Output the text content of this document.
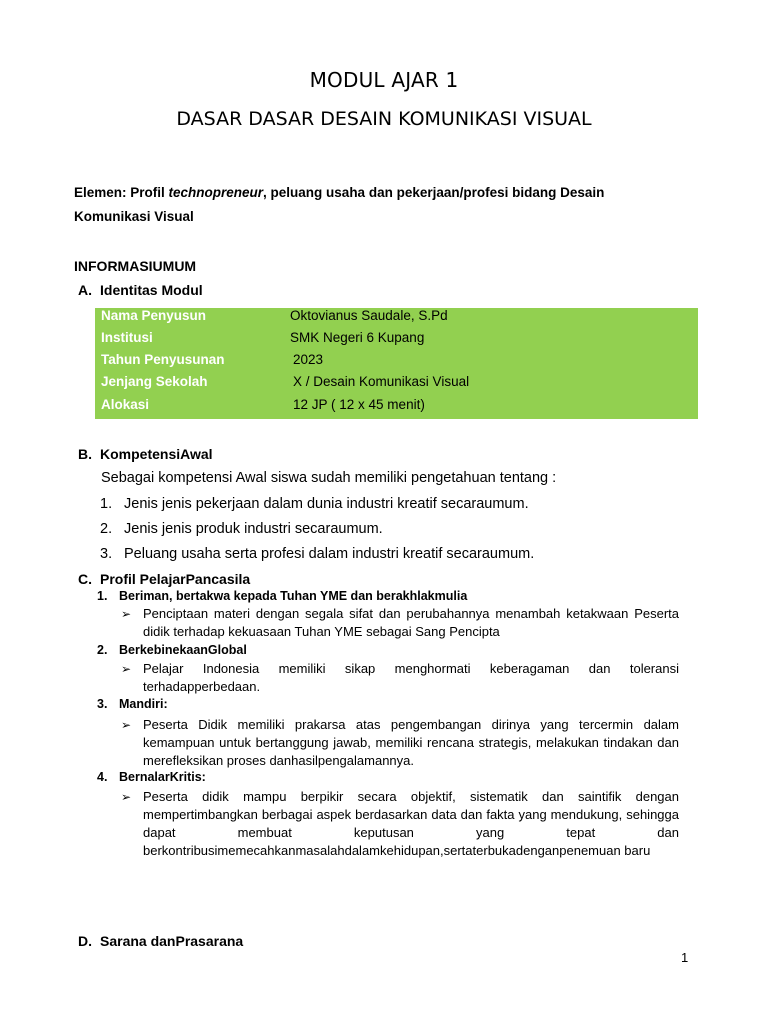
MODUL AJAR 1
DASAR DASAR DESAIN KOMUNIKASI VISUAL
Elemen: Profil technopreneur, peluang usaha dan pekerjaan/profesi bidang Desain
Komunikasi Visual
INFORMASIUMUM
A. Identitas Modul
Nama Penyusun	Oktovianus Saudale, S.Pd
Institusi	SMK Negeri 6 Kupang
Tahun Penyusunan	2023
Jenjang Sekolah	X / Desain Komunikasi Visual
Alokasi	12 JP ( 12 x 45 menit)
B. KompetensiAwal
Sebagai kompetensi Awal siswa sudah memiliki pengetahuan tentang :
1. Jenis jenis pekerjaan dalam dunia industri kreatif secaraumum.
2. Jenis jenis produk industri secaraumum.
3. Peluang usaha serta profesi dalam industri kreatif secaraumum.
C. Profil PelajarPancasila
1. Beriman, bertakwa kepada Tuhan YME dan berakhlakmulia
➢ Penciptaan materi dengan segala sifat dan perubahannya menambah ketakwaan Peserta didik terhadap kekuasaan Tuhan YME sebagai Sang Pencipta
2. BerkebinekaanGlobal
➢ Pelajar Indonesia memiliki sikap menghormati keberagaman dan toleransi terhadapperbedaan.
3. Mandiri:
➢ Peserta Didik memiliki prakarsa atas pengembangan dirinya yang tercermin dalam kemampuan untuk bertanggung jawab, memiliki rencana strategis, melakukan tindakan dan merefleksikan proses danhasilpengalamannya.
4. BernalarKritis:
➢ Peserta didik mampu berpikir secara objektif, sistematik dan saintifik dengan mempertimbangkan berbagai aspek berdasarkan data dan fakta yang mendukung, sehingga dapat membuat keputusan yang tepat dan berkontribusimemecahkanmasalahdalamkehidupan,sertaterbukadenganpenemuan baru
D. Sarana danPrasarana
1
